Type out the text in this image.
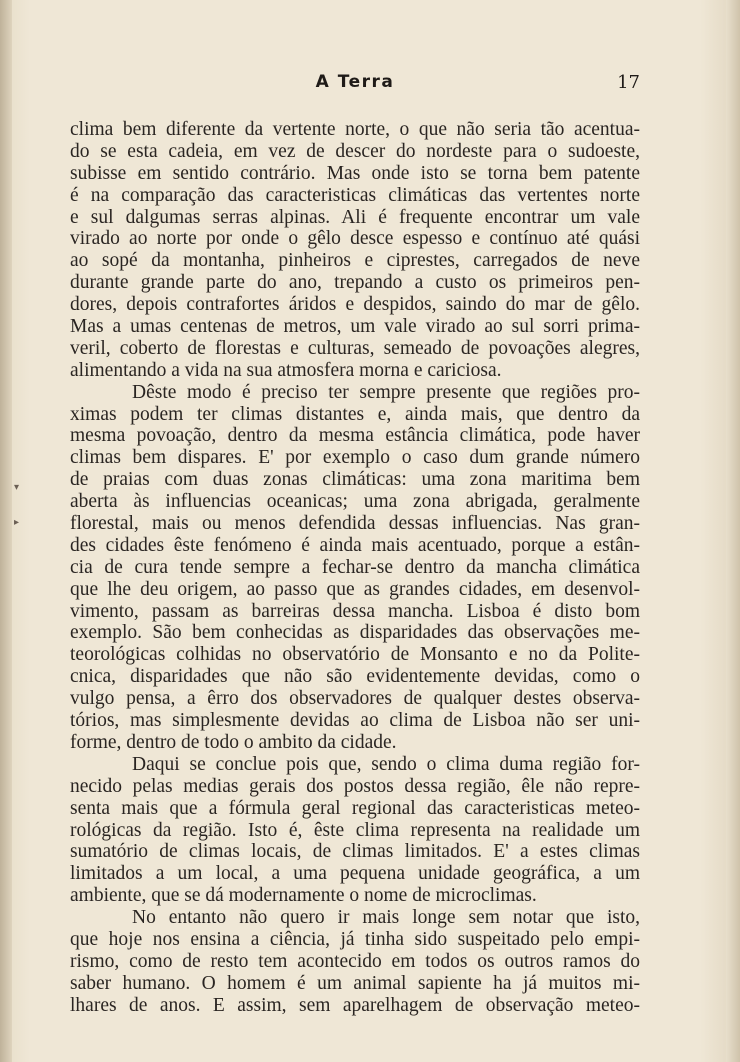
A Terra	17
clima bem diferente da vertente norte, o que não seria tão acentua-
do se esta cadeia, em vez de descer do nordeste para o sudoeste,
subisse em sentido contrário. Mas onde isto se torna bem patente
é na comparação das caracteristicas climáticas das vertentes norte
e sul dalgumas serras alpinas. Ali é frequente encontrar um vale
virado ao norte por onde o gêlo desce espesso e contínuo até quási
ao sopé da montanha, pinheiros e ciprestes, carregados de neve
durante grande parte do ano, trepando a custo os primeiros pen-
dores, depois contrafortes áridos e despidos, saindo do mar de gêlo.
Mas a umas centenas de metros, um vale virado ao sul sorri prima-
veril, coberto de florestas e culturas, semeado de povoações alegres,
alimentando a vida na sua atmosfera morna e cariciosa.
Dêste modo é preciso ter sempre presente que regiões pro-
ximas podem ter climas distantes e, ainda mais, que dentro da
mesma povoação, dentro da mesma estância climática, pode haver
climas bem dispares. E' por exemplo o caso dum grande número
de praias com duas zonas climáticas: uma zona maritima bem
aberta às influencias oceanicas; uma zona abrigada, geralmente
florestal, mais ou menos defendida dessas influencias. Nas gran-
des cidades êste fenómeno é ainda mais acentuado, porque a estân-
cia de cura tende sempre a fechar-se dentro da mancha climática
que lhe deu origem, ao passo que as grandes cidades, em desenvol-
vimento, passam as barreiras dessa mancha. Lisboa é disto bom
exemplo. São bem conhecidas as disparidades das observações me-
teorológicas colhidas no observatório de Monsanto e no da Polite-
cnica, disparidades que não são evidentemente devidas, como o
vulgo pensa, a êrro dos observadores de qualquer destes observa-
tórios, mas simplesmente devidas ao clima de Lisboa não ser uni-
forme, dentro de todo o ambito da cidade.
Daqui se conclue pois que, sendo o clima duma região for-
necido pelas medias gerais dos postos dessa região, êle não repre-
senta mais que a fórmula geral regional das caracteristicas meteo-
rológicas da região. Isto é, êste clima representa na realidade um
sumatório de climas locais, de climas limitados. E' a estes climas
limitados a um local, a uma pequena unidade geográfica, a um
ambiente, que se dá modernamente o nome de microclimas.
No entanto não quero ir mais longe sem notar que isto,
que hoje nos ensina a ciência, já tinha sido suspeitado pelo empi-
rismo, como de resto tem acontecido em todos os outros ramos do
saber humano. O homem é um animal sapiente ha já muitos mi-
lhares de anos. E assim, sem aparelhagem de observação meteo-
▾
▸
